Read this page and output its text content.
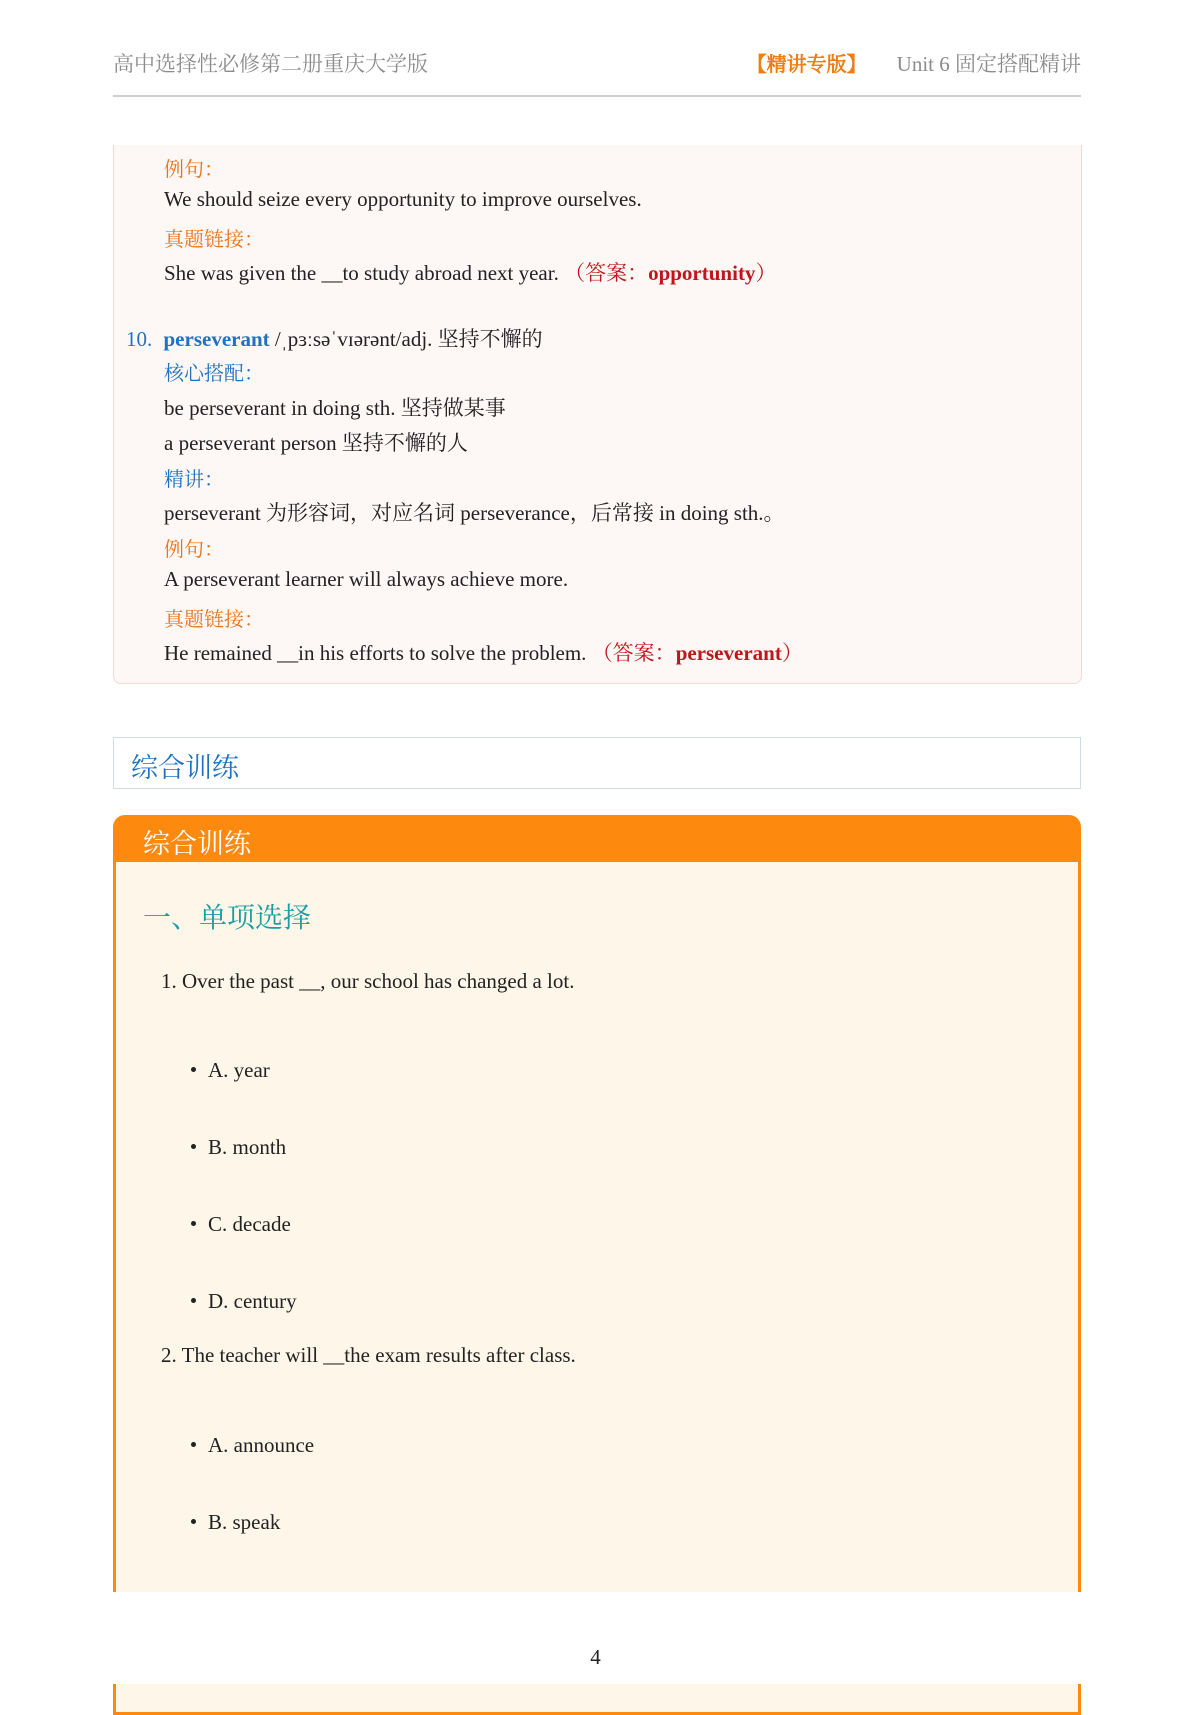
高中选择性必修第二册重庆大学版	【精讲专版】 Unit 6 固定搭配精讲
例句：
We should seize every opportunity to improve ourselves.
真题链接：
She was given the __to study abroad next year. （答案：opportunity）
10. perseverant /ˌpɜːsəˈvɪərənt/adj. 坚持不懈的
核心搭配：
be perseverant in doing sth. 坚持做某事
a perseverant person 坚持不懈的人
精讲：
perseverant 为形容词，对应名词 perseverance，后常接 in doing sth.。
例句：
A perseverant learner will always achieve more.
真题链接：
He remained __in his efforts to solve the problem. （答案：perseverant）
综合训练
综合训练
一、单项选择
1. Over the past __, our school has changed a lot.
A. year
B. month
C. decade
D. century
2. The teacher will __the exam results after class.
A. announce
B. speak
4
